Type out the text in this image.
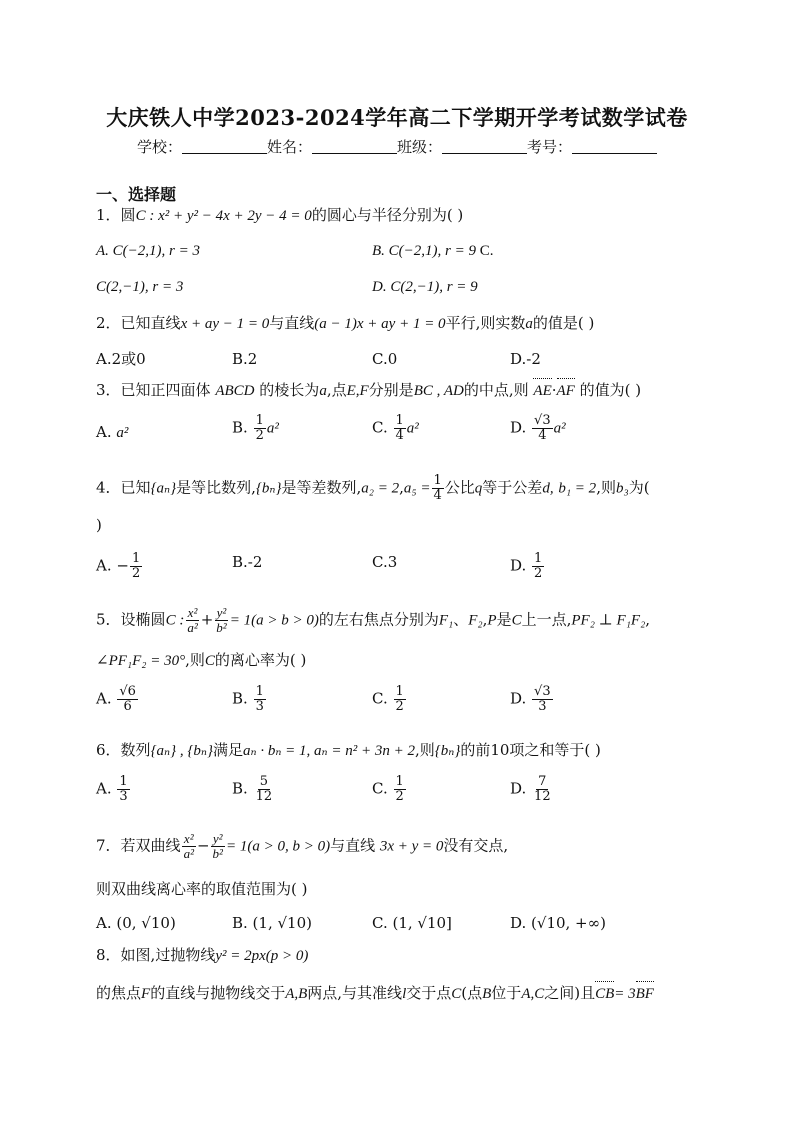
大庆铁人中学2023-2024学年高二下学期开学考试数学试卷
学校：	姓名：	班级：	考号：
一、选择题
1．圆C : x² + y² − 4x + 2y − 4 = 0的圆心与半径分别为( )
A. C(−2,1), r = 3	B. C(−2,1), r = 9 C.
C(2,−1), r = 3	D. C(2,−1), r = 9
2．已知直线x + ay − 1 = 0与直线(a − 1)x + ay + 1 = 0平行,则实数a的值是( )
A.2或0	B.2	C.0	D.-2
3．已知正四面体 ABCD 的棱长为a,点E,F分别是BC , AD的中点,则 AE·AF 的值为( )
A. a²	B. $\frac{1}{2} a^2$	C. $\frac{1}{4} a^2$	D. $\frac{√3}{4} a^2$
4．已知{aₙ}是等比数列,{bₙ}是等差数列$,a_2 = 2,a_5 = \frac{1}{4}$ 公比q等于公差d, b₁ = 2,则b₃为(
)
A. − $\frac{1}{2}$	B.-2	C.3	D. $\frac{1}{2}$
5．设椭圆C : $\frac{\text{x²}}{\text{a²}} + \frac{\text{y²}}{\text{b²}} = 1(a > b > 0)$的左右焦点分别为F₁、F₂,P是C上一点,PF₂ ⊥ F₁F₂,
∠PF₁F₂ = 30°,则C的离心率为( )
A. $\frac{√6}{6}$	B. $\frac{1}{3}$	C. $\frac{1}{2}$	D. $\frac{√3}{3}$
6．数列{aₙ} , {bₙ}满足aₙ · bₙ = 1, aₙ = n² + 3n + 2,则{bₙ}的前10项之和等于( )
A. $\frac{1}{3}$	B. $\frac{5}{12}$	C. $\frac{1}{2}$	D. $\frac{7}{12}$
7．若双曲线 $\frac{\text{x²}}{\text{a²}} - \frac{\text{y²}}{\text{b²}} = 1(a > 0$, b > 0)与直线 3x + y = 0没有交点,
则双曲线离心率的取值范围为( )
A. (0, √10)	B. (1, √10)	C. (1, √10]	D. (√10, +∞)
8．如图,过抛物线y² = 2px(p > 0)
的焦点F的直线与抛物线交于A,B两点,与其准线l交于点C(点B位于A,C之间)且CB= 3BF
